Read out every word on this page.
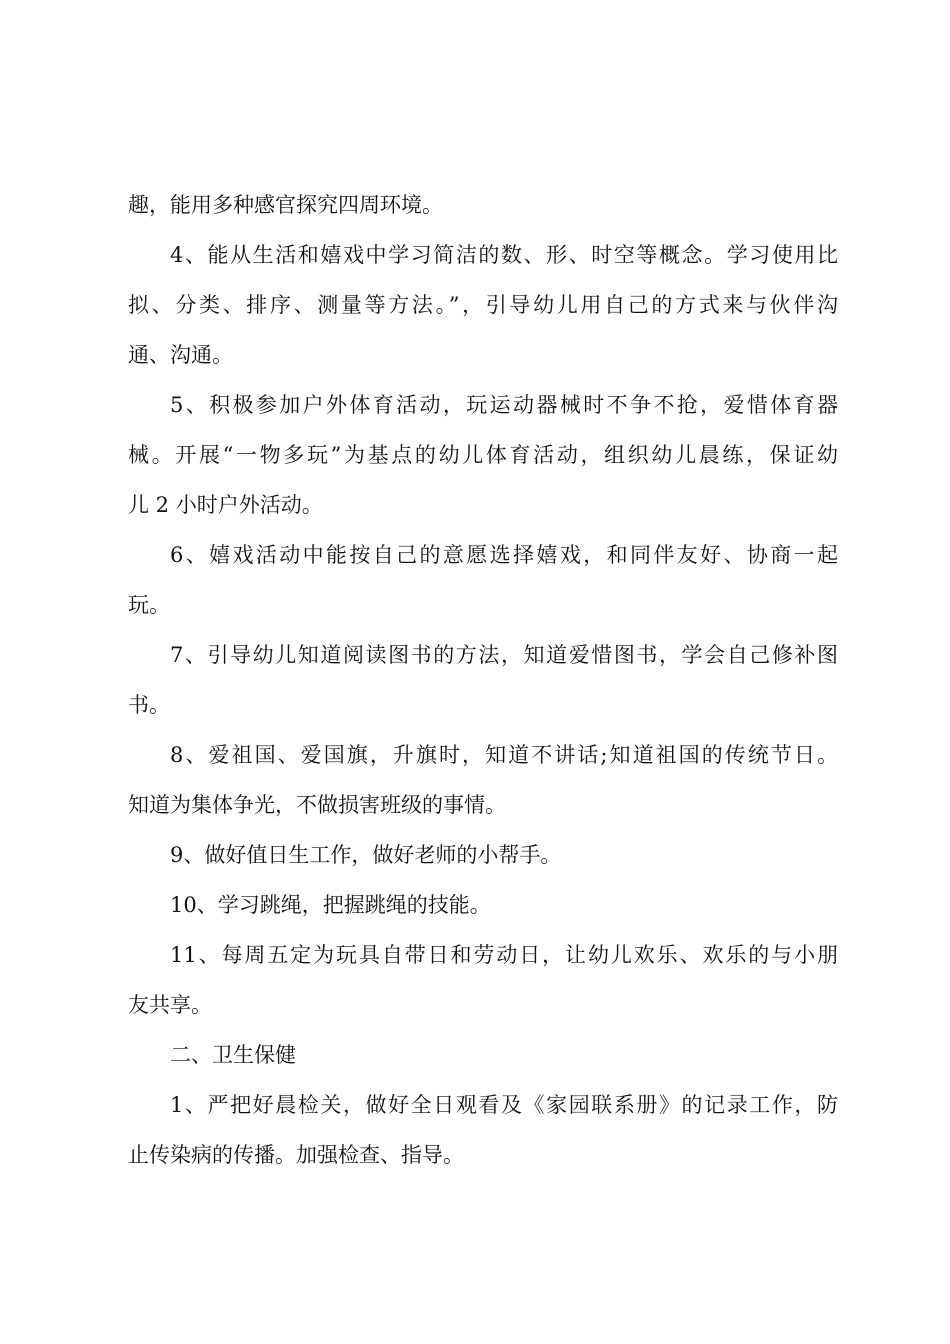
趣，能用多种感官探究四周环境。
4、能从生活和嬉戏中学习简洁的数、形、时空等概念。学习使用比
拟、分类、排序、测量等方法。”，引导幼儿用自己的方式来与伙伴沟
通、沟通。
5、积极参加户外体育活动，玩运动器械时不争不抢，爱惜体育器
械。开展“一物多玩”为基点的幼儿体育活动，组织幼儿晨练，保证幼
儿 2 小时户外活动。
6、嬉戏活动中能按自己的意愿选择嬉戏，和同伴友好、协商一起
玩。
7、引导幼儿知道阅读图书的方法，知道爱惜图书，学会自己修补图
书。
8、爱祖国、爱国旗，升旗时，知道不讲话;知道祖国的传统节日。
知道为集体争光，不做损害班级的事情。
9、做好值日生工作，做好老师的小帮手。
10、学习跳绳，把握跳绳的技能。
11、每周五定为玩具自带日和劳动日，让幼儿欢乐、欢乐的与小朋
友共享。
二、卫生保健
1、严把好晨检关，做好全日观看及《家园联系册》的记录工作，防
止传染病的传播。加强检查、指导。
